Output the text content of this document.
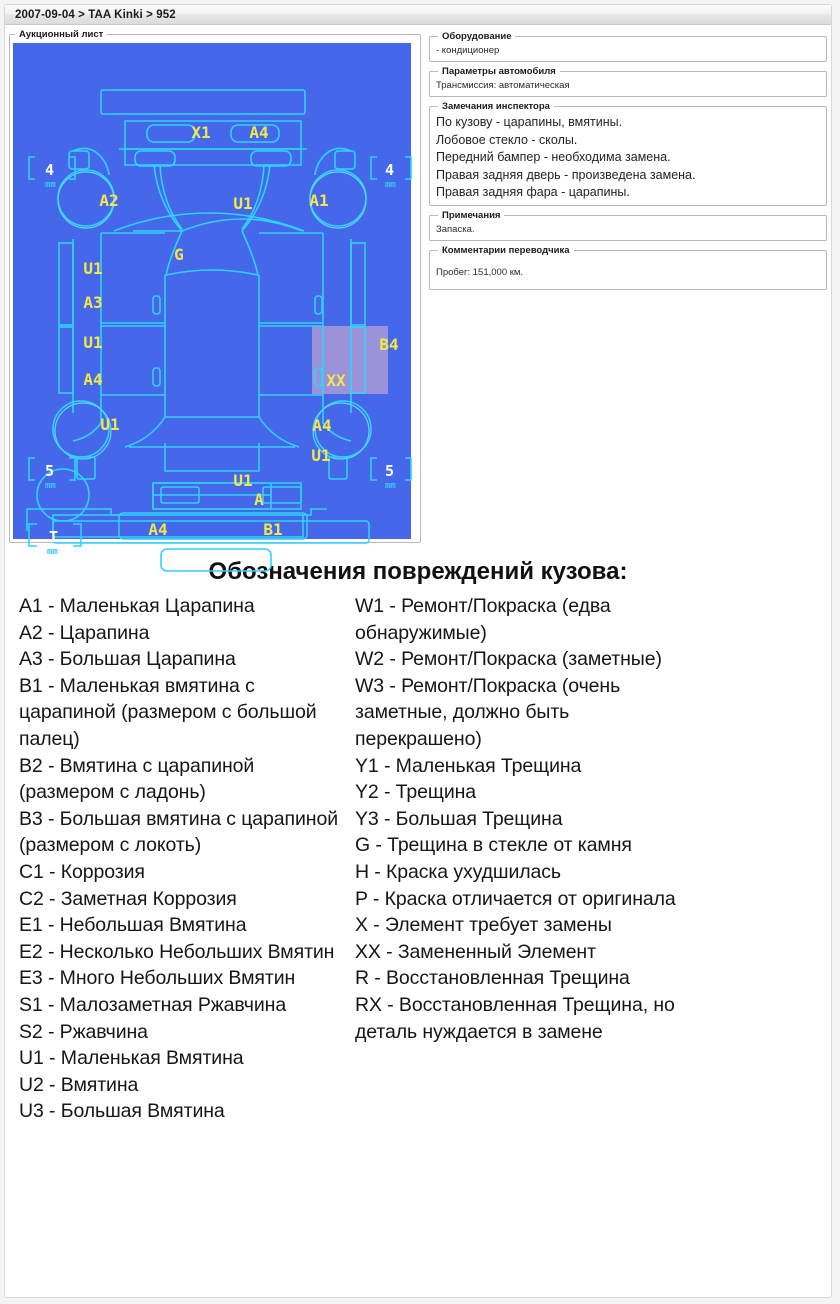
2007-09-04 > TAA Kinki > 952
Аукционный лист
4
mm
4
mm
5
mm
5
mm
T
mm
X1 A4
A2	U1	A1
G
U1
A3
U1	B4
A4	XX
U1	A4
U1
U1
A
A4	B1
Оборудование
- кондиционер
Параметры автомобиля
Трансмиссия: автоматическая
Замечания инспектора
По кузову - царапины, вмятины.
Лобовое стекло - сколы.
Передний бампер - необходима замена.
Правая задняя дверь - произведена замена.
Правая задняя фара - царапины.
Примечания
Запаска.
Комментарии переводчика
Пробег: 151,000 км.
Обозначения повреждений кузова:
A1 - Маленькая Царапина
A2 - Царапина
A3 - Большая Царапина
B1 - Маленькая вмятина с царапиной (размером с большой палец)
B2 - Вмятина с царапиной (размером с ладонь)
B3 - Большая вмятина с царапиной (размером с локоть)
C1 - Коррозия
C2 - Заметная Коррозия
E1 - Небольшая Вмятина
E2 - Несколько Небольших Вмятин
E3 - Много Небольших Вмятин
S1 - Малозаметная Ржавчина
S2 - Ржавчина
U1 - Маленькая Вмятина
U2 - Вмятина
U3 - Большая Вмятина
W1 - Ремонт/Покраска (едва обнаружимые)
W2 - Ремонт/Покраска (заметные)
W3 - Ремонт/Покраска (очень заметные, должно быть перекрашено)
Y1 - Маленькая Трещина
Y2 - Трещина
Y3 - Большая Трещина
G - Трещина в стекле от камня
H - Краска ухудшилась
P - Краска отличается от оригинала
X - Элемент требует замены
XX - Замененный Элемент
R - Восстановленная Трещина
RX - Восстановленная Трещина, но деталь нуждается в замене
